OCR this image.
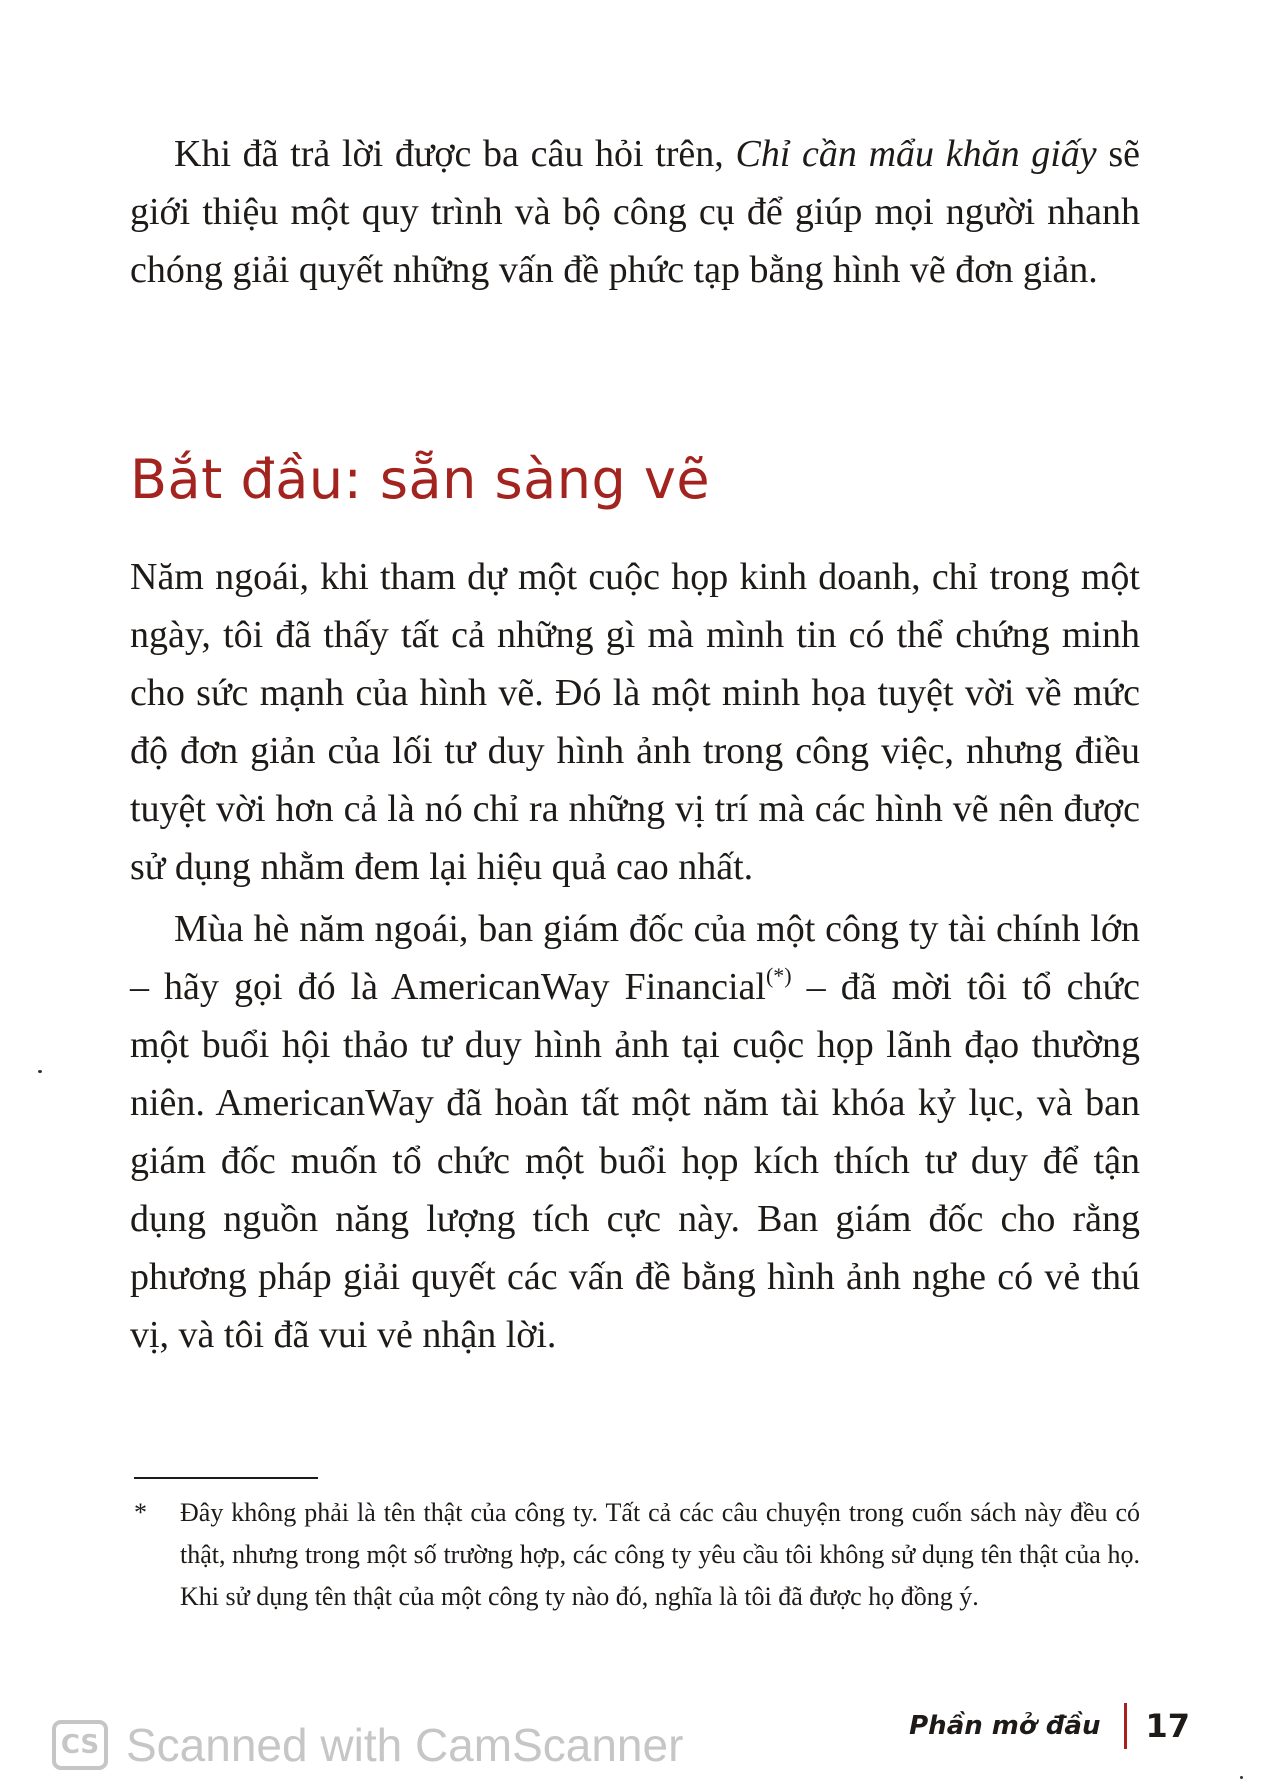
Khi đã trả lời được ba câu hỏi trên, Chỉ cần mẩu khăn giấy sẽ giới thiệu một quy trình và bộ công cụ để giúp mọi người nhanh chóng giải quyết những vấn đề phức tạp bằng hình vẽ đơn giản.

Bắt đầu: sẵn sàng vẽ

Năm ngoái, khi tham dự một cuộc họp kinh doanh, chỉ trong một ngày, tôi đã thấy tất cả những gì mà mình tin có thể chứng minh cho sức mạnh của hình vẽ. Đó là một minh họa tuyệt vời về mức độ đơn giản của lối tư duy hình ảnh trong công việc, nhưng điều tuyệt vời hơn cả là nó chỉ ra những vị trí mà các hình vẽ nên được sử dụng nhằm đem lại hiệu quả cao nhất.

Mùa hè năm ngoái, ban giám đốc của một công ty tài chính lớn – hãy gọi đó là AmericanWay Financial(*) – đã mời tôi tổ chức một buổi hội thảo tư duy hình ảnh tại cuộc họp lãnh đạo thường niên. AmericanWay đã hoàn tất một năm tài khóa kỷ lục, và ban giám đốc muốn tổ chức một buổi họp kích thích tư duy để tận dụng nguồn năng lượng tích cực này. Ban giám đốc cho rằng phương pháp giải quyết các vấn đề bằng hình ảnh nghe có vẻ thú vị, và tôi đã vui vẻ nhận lời.

* Đây không phải là tên thật của công ty. Tất cả các câu chuyện trong cuốn sách này đều có thật, nhưng trong một số trường hợp, các công ty yêu cầu tôi không sử dụng tên thật của họ. Khi sử dụng tên thật của một công ty nào đó, nghĩa là tôi đã được họ đồng ý.
Phần mở đầu 17
CS Scanned with CamScanner
